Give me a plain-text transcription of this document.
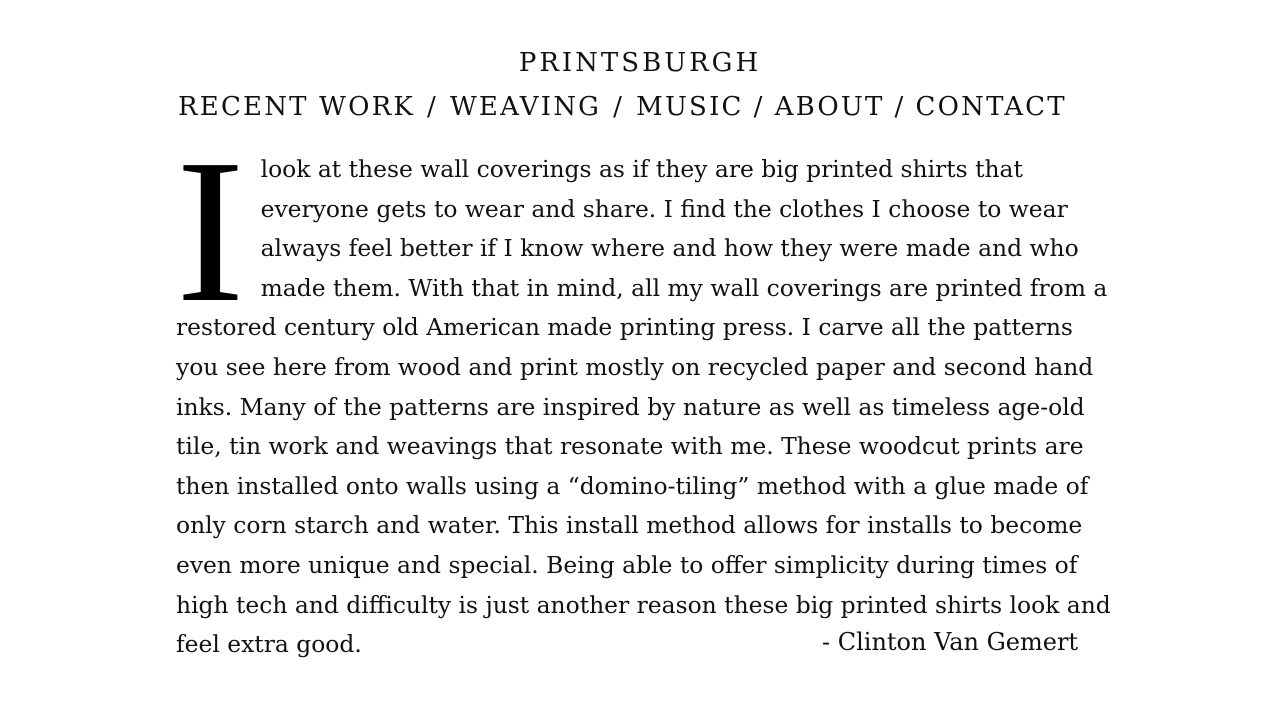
PRINTSBURGH
RECENT WORK / WEAVING / MUSIC / ABOUT / CONTACT
I look at these wall coverings as if they are big printed shirts that everyone gets to wear and share. I find the clothes I choose to wear always feel better if I know where and how they were made and who made them. With that in mind, all my wall coverings are printed from a restored century old American made printing press. I carve all the patterns you see here from wood and print mostly on recycled paper and second hand inks. Many of the patterns are inspired by nature as well as timeless age-old tile, tin work and weavings that resonate with me. These woodcut prints are then installed onto walls using a “domino-tiling” method with a glue made of only corn starch and water. This install method allows for installs to become even more unique and special. Being able to offer simplicity during times of high tech and difficulty is just another reason these big printed shirts look and feel extra good.	- Clinton Van Gemert
